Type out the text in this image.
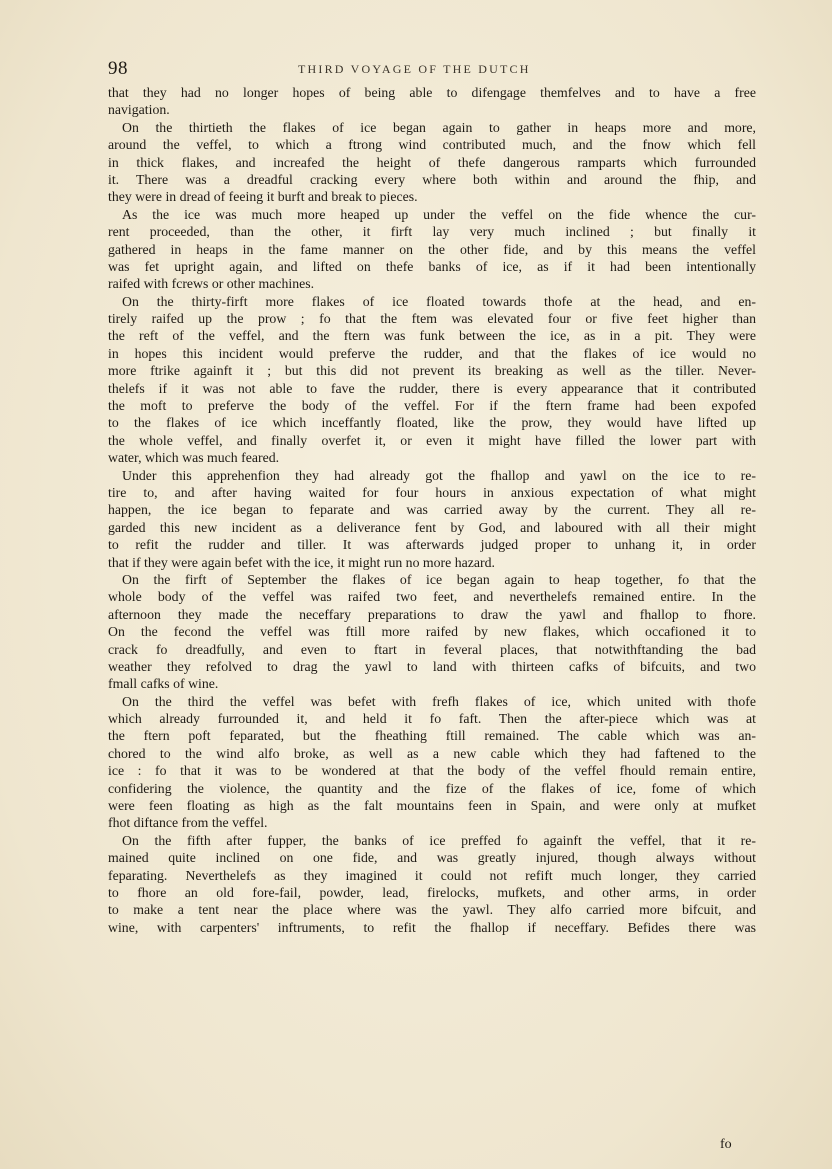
98	THIRD VOYAGE OF THE DUTCH
that they had no longer hopes of being able to difengage themfelves and to have a free
navigation.
On the thirtieth the flakes of ice began again to gather in heaps more and more,
around the veffel, to which a ftrong wind contributed much, and the fnow which fell
in thick flakes, and increafed the height of thefe dangerous ramparts which furrounded
it. There was a dreadful cracking every where both within and around the fhip, and
they were in dread of feeing it burft and break to pieces.
As the ice was much more heaped up under the veffel on the fide whence the cur-
rent proceeded, than the other, it firft lay very much inclined ; but finally it
gathered in heaps in the fame manner on the other fide, and by this means the veffel
was fet upright again, and lifted on thefe banks of ice, as if it had been intentionally
raifed with fcrews or other machines.
On the thirty-firft more flakes of ice floated towards thofe at the head, and en-
tirely raifed up the prow ; fo that the ftem was elevated four or five feet higher than
the reft of the veffel, and the ftern was funk between the ice, as in a pit. They were
in hopes this incident would preferve the rudder, and that the flakes of ice would no
more ftrike againft it ; but this did not prevent its breaking as well as the tiller. Never-
thelefs if it was not able to fave the rudder, there is every appearance that it contributed
the moft to preferve the body of the veffel. For if the ftern frame had been expofed
to the flakes of ice which inceffantly floated, like the prow, they would have lifted up
the whole veffel, and finally overfet it, or even it might have filled the lower part with
water, which was much feared.
Under this apprehenfion they had already got the fhallop and yawl on the ice to re-
tire to, and after having waited for four hours in anxious expectation of what might
happen, the ice began to feparate and was carried away by the current. They all re-
garded this new incident as a deliverance fent by God, and laboured with all their might
to refit the rudder and tiller. It was afterwards judged proper to unhang it, in order
that if they were again befet with the ice, it might run no more hazard.
On the firft of September the flakes of ice began again to heap together, fo that the
whole body of the veffel was raifed two feet, and neverthelefs remained entire. In the
afternoon they made the neceffary preparations to draw the yawl and fhallop to fhore.
On the fecond the veffel was ftill more raifed by new flakes, which occafioned it to
crack fo dreadfully, and even to ftart in feveral places, that notwithftanding the bad
weather they refolved to drag the yawl to land with thirteen cafks of bifcuits, and two
fmall cafks of wine.
On the third the veffel was befet with frefh flakes of ice, which united with thofe
which already furrounded it, and held it fo faft. Then the after-piece which was at
the ftern poft feparated, but the fheathing ftill remained. The cable which was an-
chored to the wind alfo broke, as well as a new cable which they had faftened to the
ice : fo that it was to be wondered at that the body of the veffel fhould remain entire,
confidering the violence, the quantity and the fize of the flakes of ice, fome of which
were feen floating as high as the falt mountains feen in Spain, and were only at mufket
fhot diftance from the veffel.
On the fifth after fupper, the banks of ice preffed fo againft the veffel, that it re-
mained quite inclined on one fide, and was greatly injured, though always without
feparating. Neverthelefs as they imagined it could not refift much longer, they carried
to fhore an old fore-fail, powder, lead, firelocks, mufkets, and other arms, in order
to make a tent near the place where was the yawl. They alfo carried more bifcuit, and
wine, with carpenters' inftruments, to refit the fhallop if neceffary. Befides there was
fo
